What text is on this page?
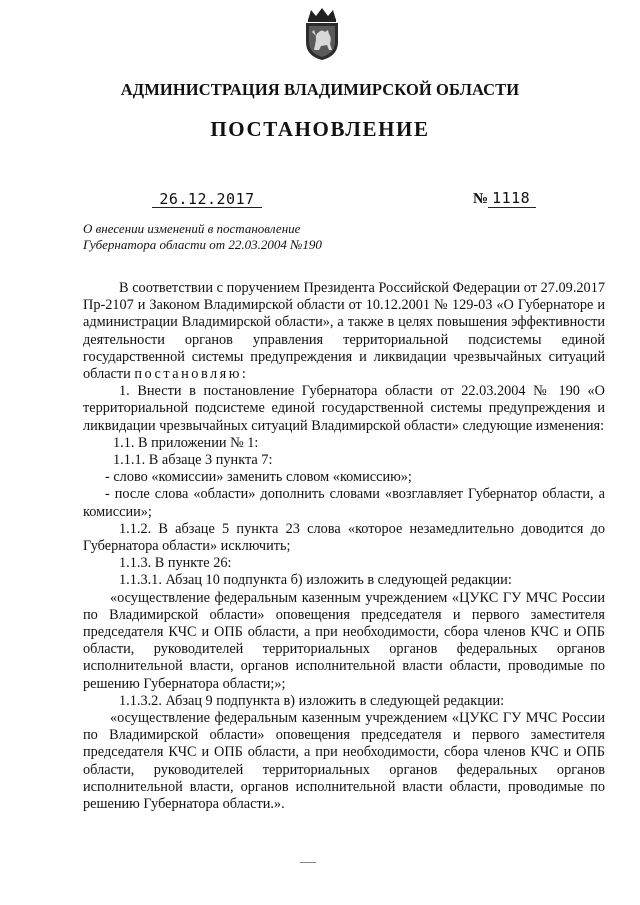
АДМИНИСТРАЦИЯ ВЛАДИМИРСКОЙ ОБЛАСТИ
ПОСТАНОВЛЕНИЕ
26.12.2017	№ 1118
О внесении изменений в постановление
Губернатора области от 22.03.2004 №190

В соответствии с поручением Президента Российской Федерации от 27.09.2017 Пр-2107 и Законом Владимирской области от 10.12.2001 № 129-03 «О Губернаторе и администрации Владимирской области», а также в целях повышения эффективности деятельности органов управления территориальной подсистемы единой государственной системы предупреждения и ликвидации чрезвычайных ситуаций области постановляю:

1. Внести в постановление Губернатора области от 22.03.2004 № 190 «О территориальной подсистеме единой государственной системы предупреждения и ликвидации чрезвычайных ситуаций Владимирской области» следующие изменения:

1.1. В приложении № 1:

1.1.1. В абзаце 3 пункта 7:

- слово «комиссии» заменить словом «комиссию»;

- после слова «области» дополнить словами «возглавляет Губернатор области, а комиссии»;

1.1.2. В абзаце 5 пункта 23 слова «которое незамедлительно доводится до Губернатора области» исключить;

1.1.3. В пункте 26:

1.1.3.1. Абзац 10 подпункта б) изложить в следующей редакции:

«осуществление федеральным казенным учреждением «ЦУКС ГУ МЧС России по Владимирской области» оповещения председателя и первого заместителя председателя КЧС и ОПБ области, а при необходимости, сбора членов КЧС и ОПБ области, руководителей территориальных органов федеральных органов исполнительной власти, органов исполнительной власти области, проводимые по решению Губернатора области;»;

1.1.3.2. Абзац 9 подпункта в) изложить в следующей редакции:

«осуществление федеральным казенным учреждением «ЦУКС ГУ МЧС России по Владимирской области» оповещения председателя и первого заместителя председателя КЧС и ОПБ области, а при необходимости, сбора членов КЧС и ОПБ области, руководителей территориальных органов федеральных органов исполнительной власти, органов исполнительной власти области, проводимые по решению Губернатора области.».
